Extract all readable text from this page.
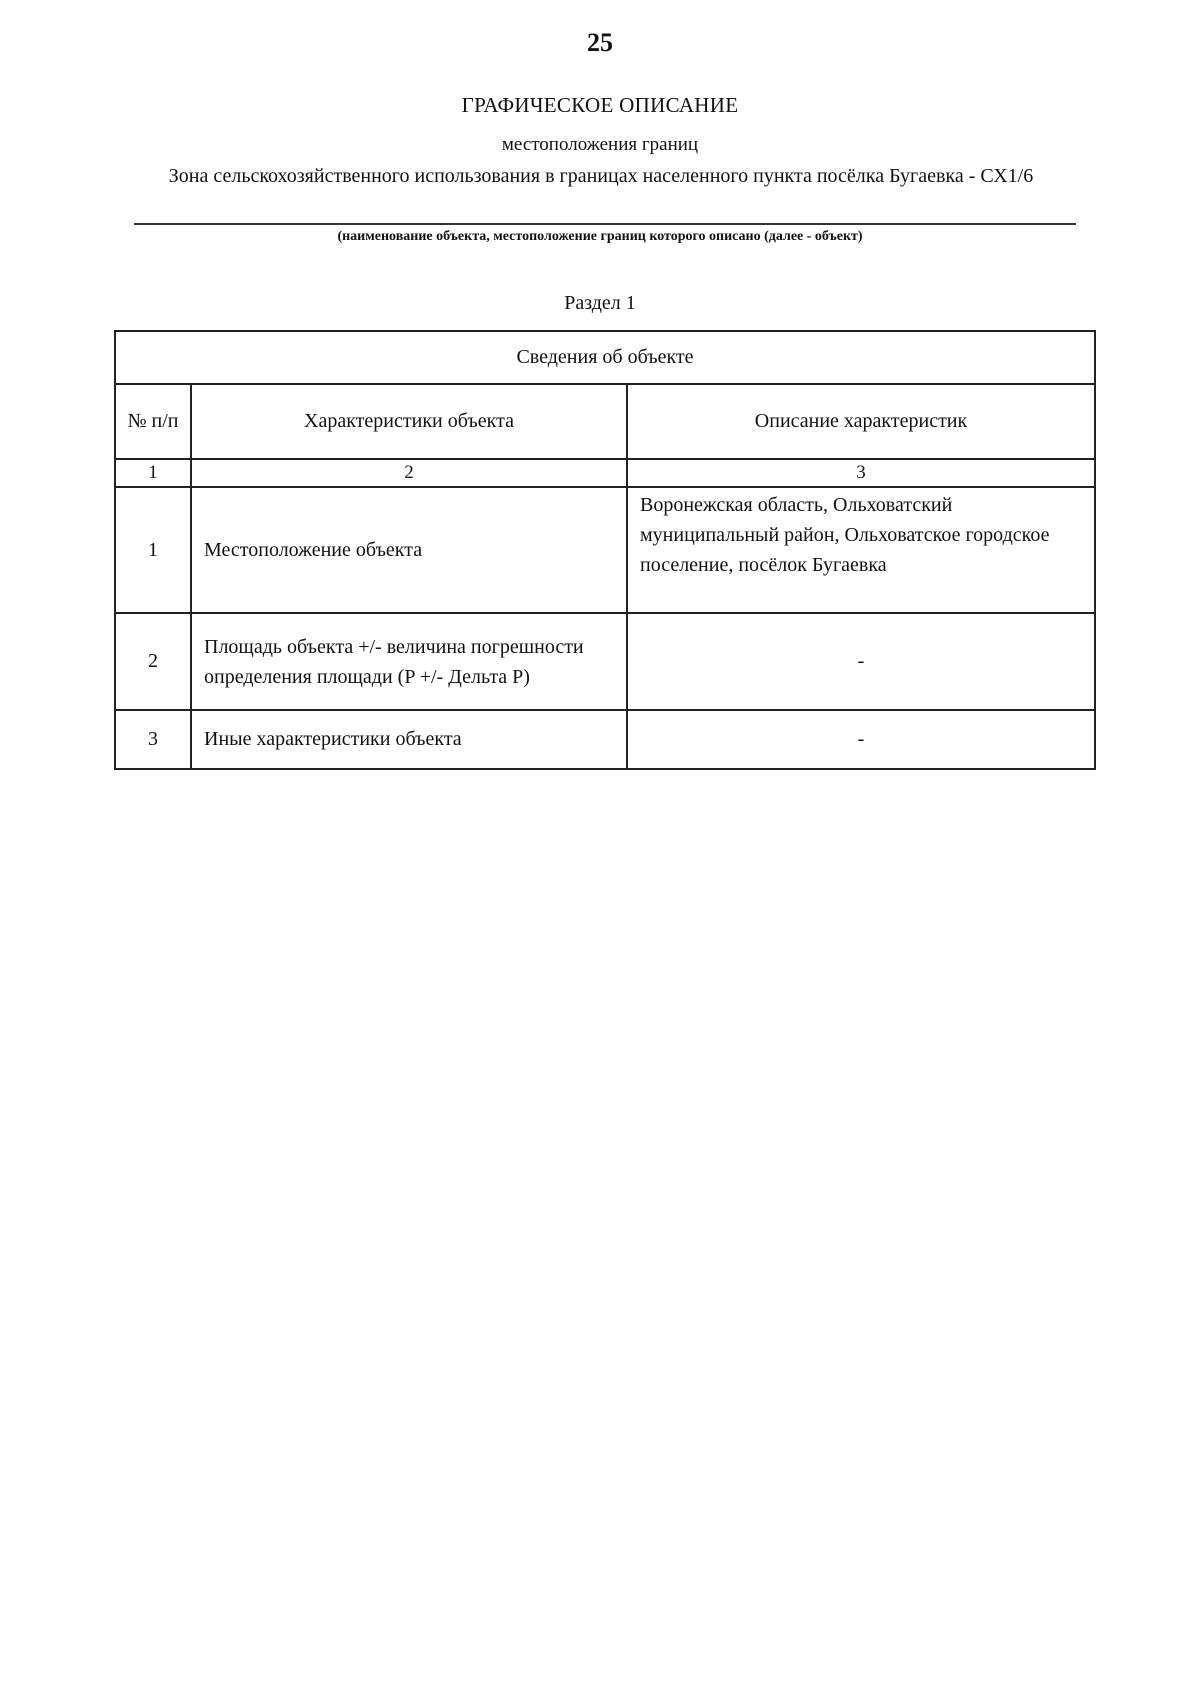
25
ГРАФИЧЕСКОЕ ОПИСАНИЕ
местоположения границ
Зона сельскохозяйственного использования в границах населенного пункта посёлка Бугаевка - СХ1/6
(наименование объекта, местоположение границ которого описано (далее - объект)
Раздел 1
Сведения об объекте		
№ п/п	Характеристики объекта	Описание характеристик
1	2	3
1	Местоположение объекта	Воронежская область, Ольховатский муниципальный район, Ольховатское городское поселение, посёлок Бугаевка
2	Площадь объекта +/- величина погрешности определения площади (P +/- Дельта P)	-
3	Иные характеристики объекта	-
